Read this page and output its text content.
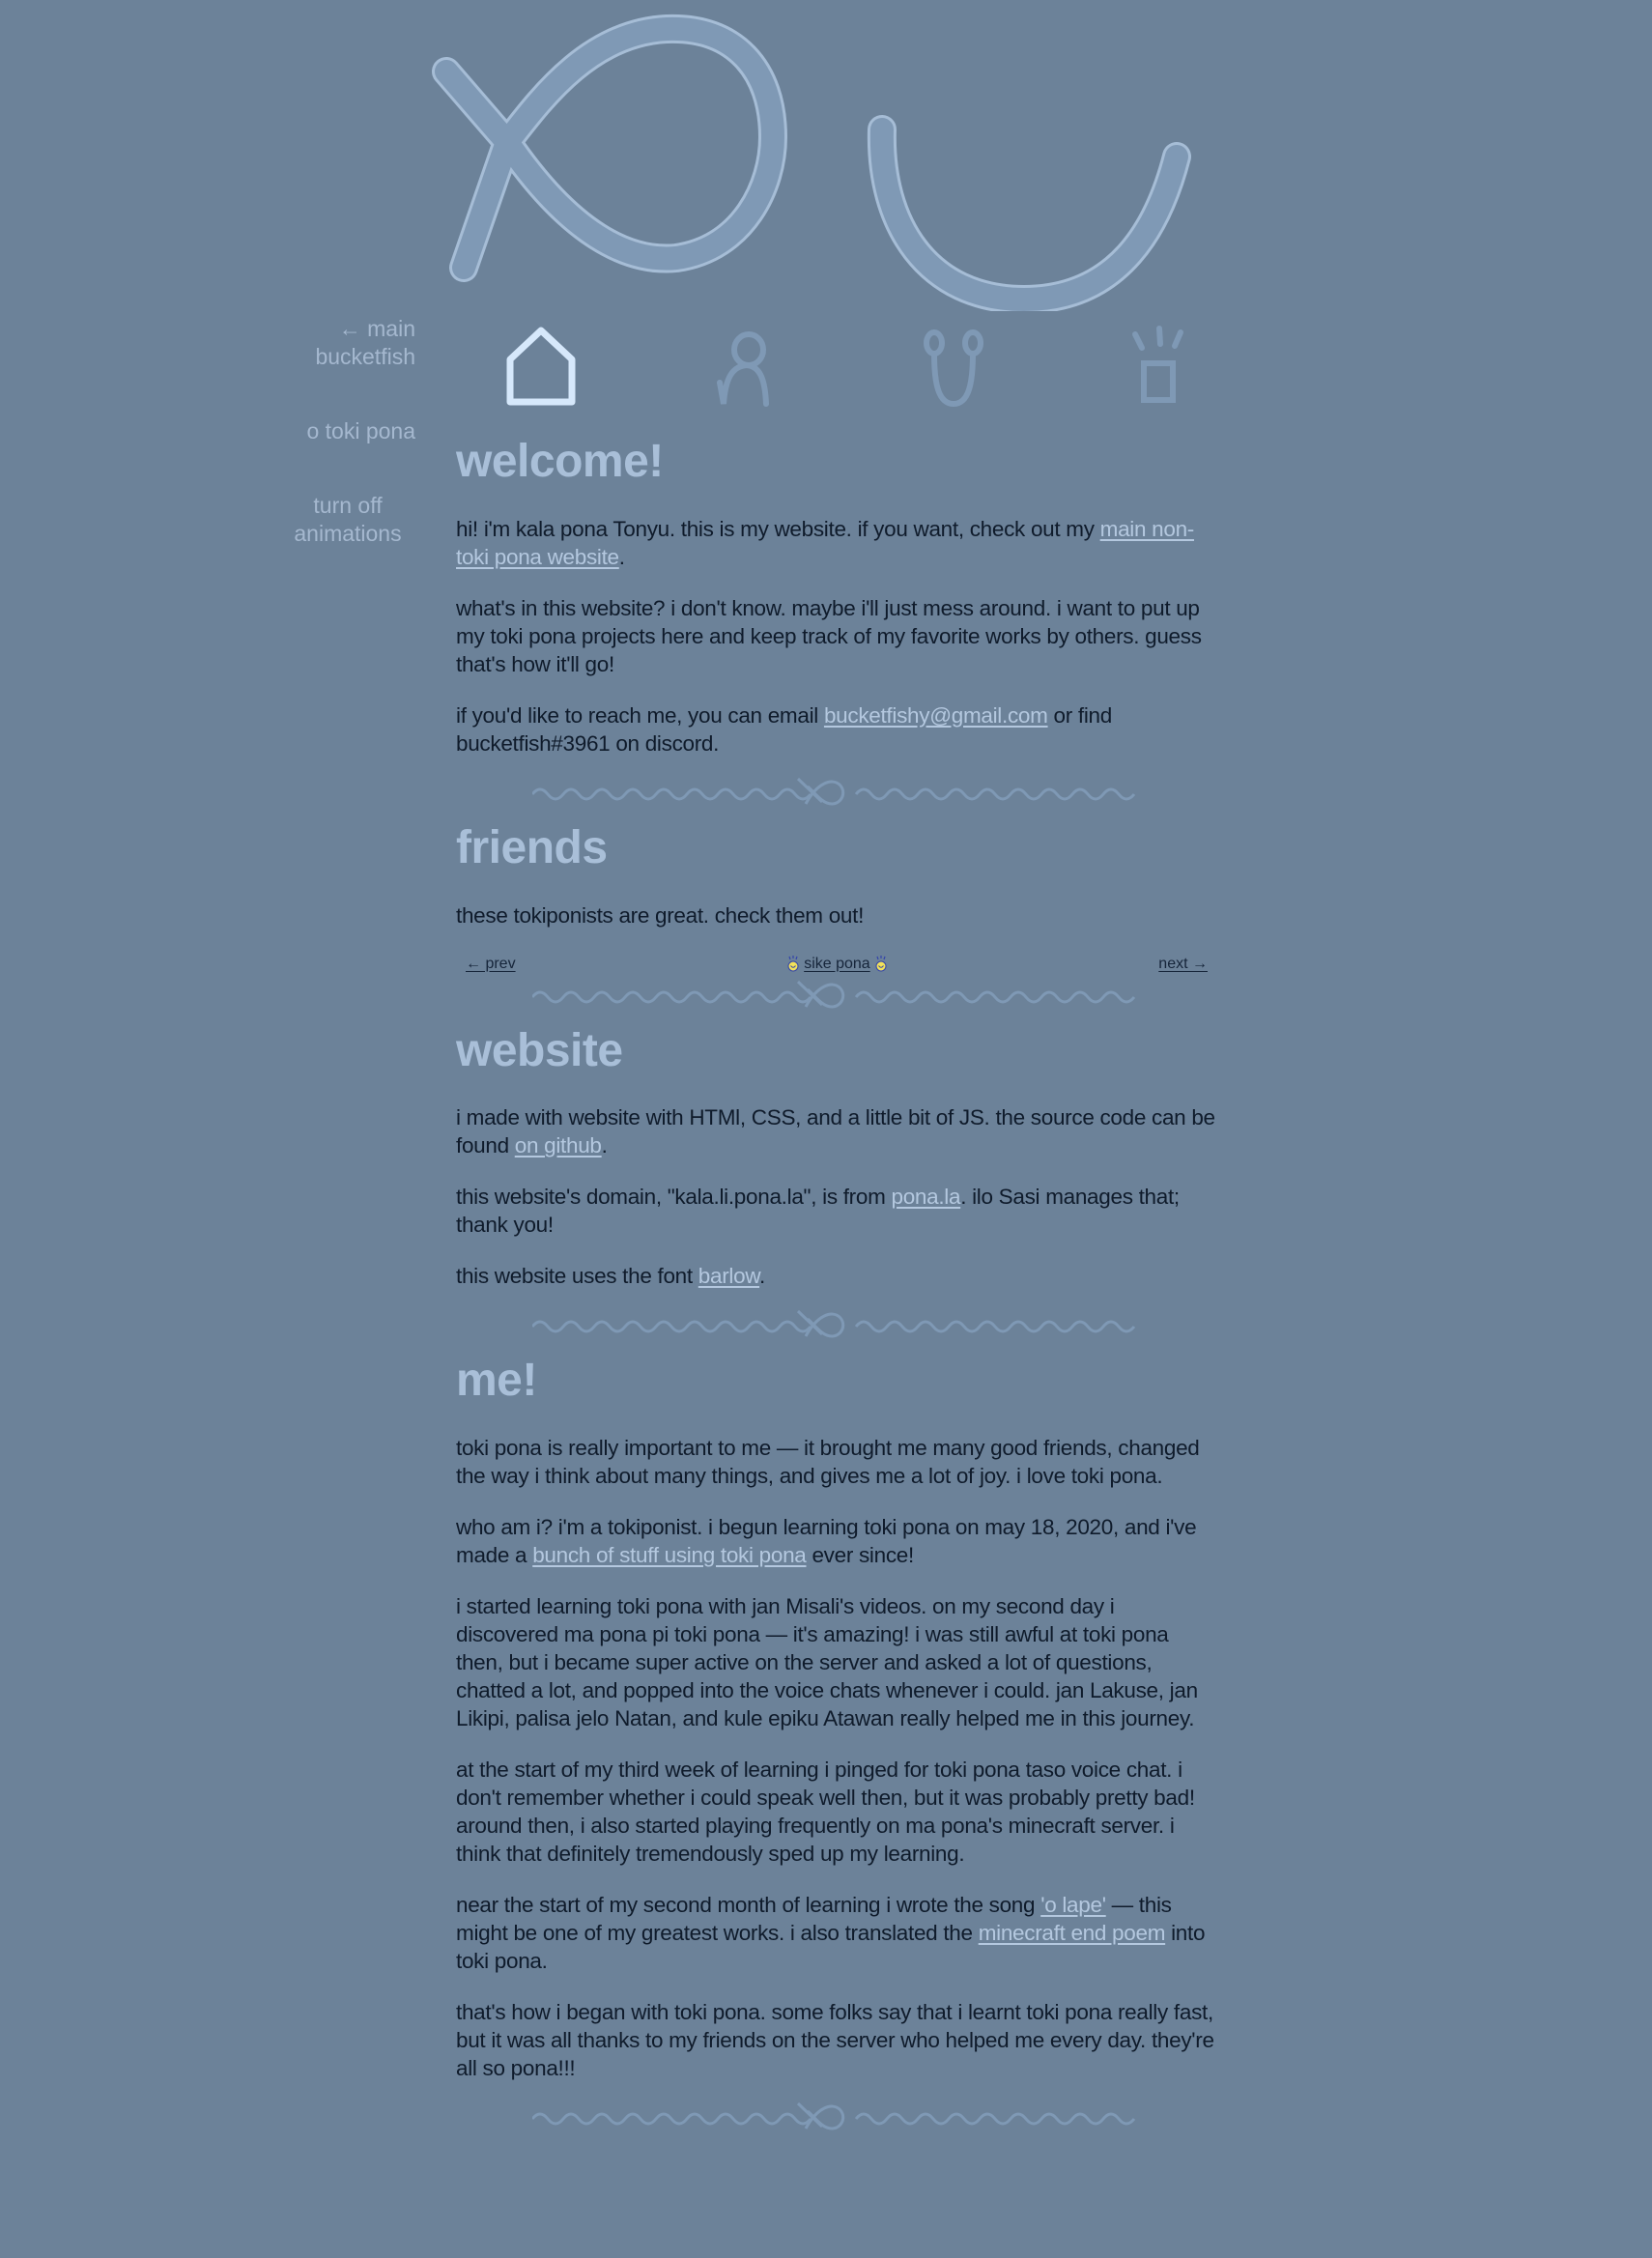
← main bucketfish
o toki pona
turn off animations
welcome!

hi! i'm kala pona Tonyu. this is my website. if you want, check out my main non-toki pona website.

what's in this website? i don't know. maybe i'll just mess around. i want to put up my toki pona projects here and keep track of my favorite works by others. guess that's how it'll go!

if you'd like to reach me, you can email bucketfishy@gmail.com or find bucketfish#3961 on discord.

friends

these tokiponists are great. check them out!

← prev	sike pona	next →
website

i made with website with HTMl, CSS, and a little bit of JS. the source code can be found on github.

this website's domain, "kala.li.pona.la", is from pona.la. ilo Sasi manages that; thank you!

this website uses the font barlow.

me!

toki pona is really important to me — it brought me many good friends, changed the way i think about many things, and gives me a lot of joy. i love toki pona.

who am i? i'm a tokiponist. i begun learning toki pona on may 18, 2020, and i've made a bunch of stuff using toki pona ever since!

i started learning toki pona with jan Misali's videos. on my second day i discovered ma pona pi toki pona — it's amazing! i was still awful at toki pona then, but i became super active on the server and asked a lot of questions, chatted a lot, and popped into the voice chats whenever i could. jan Lakuse, jan Likipi, palisa jelo Natan, and kule epiku Atawan really helped me in this journey.

at the start of my third week of learning i pinged for toki pona taso voice chat. i don't remember whether i could speak well then, but it was probably pretty bad! around then, i also started playing frequently on ma pona's minecraft server. i think that definitely tremendously sped up my learning.

near the start of my second month of learning i wrote the song 'o lape' — this might be one of my greatest works. i also translated the minecraft end poem into toki pona.

that's how i began with toki pona. some folks say that i learnt toki pona really fast, but it was all thanks to my friends on the server who helped me every day. they're all so pona!!!
